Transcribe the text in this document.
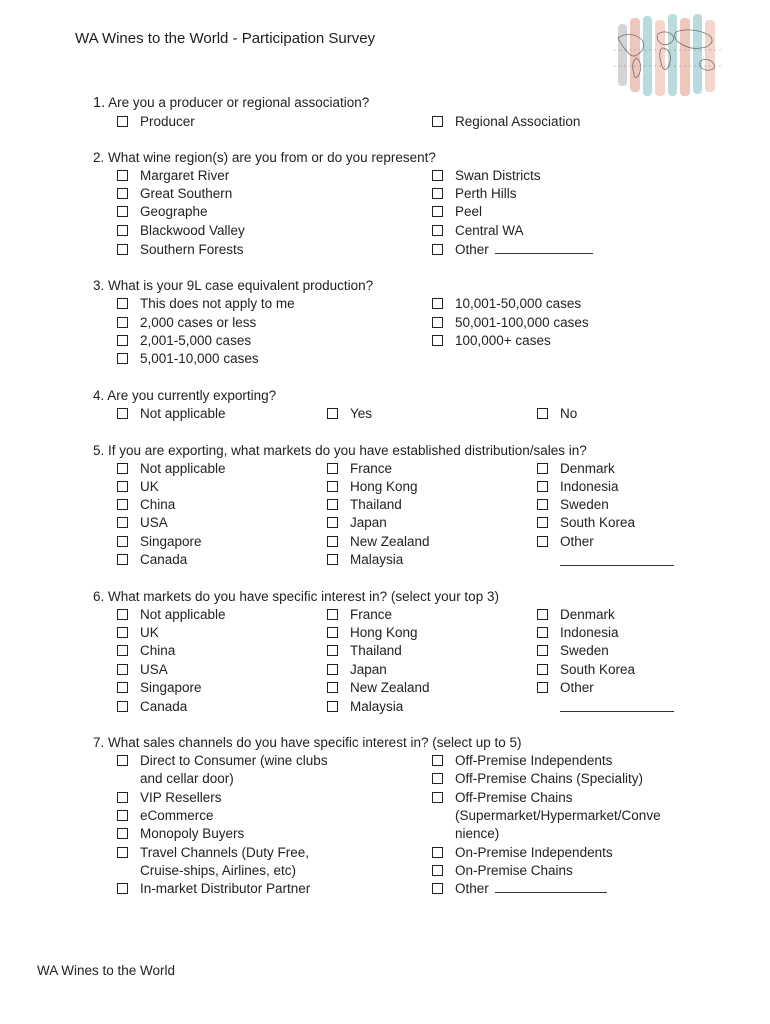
WA Wines to the World - Participation Survey
1. Are you a producer or regional association?
Producer	Regional Association
2. What wine region(s) are you from or do you represent?
Margaret River
Great Southern
Geographe
Blackwood Valley
Southern Forests
Swan Districts
Perth Hills
Peel
Central WA
Other
3. What is your 9L case equivalent production?
This does not apply to me
2,000 cases or less
2,001-5,000 cases
5,001-10,000 cases
10,001-50,000 cases
50,001-100,000 cases
100,000+ cases
4. Are you currently exporting?
Not applicable	Yes	No
5. If you are exporting, what markets do you have established distribution/sales in?
Not applicable
UK
China
USA
Singapore
Canada
France
Hong Kong
Thailand
Japan
New Zealand
Malaysia
Denmark
Indonesia
Sweden
South Korea
Other
6. What markets do you have specific interest in? (select your top 3)
Not applicable
UK
China
USA
Singapore
Canada
France
Hong Kong
Thailand
Japan
New Zealand
Malaysia
Denmark
Indonesia
Sweden
South Korea
Other
7. What sales channels do you have specific interest in? (select up to 5)
Direct to Consumer (wine clubs
and cellar door)
VIP Resellers
eCommerce
Monopoly Buyers
Travel Channels (Duty Free,
Cruise-ships, Airlines, etc)
In-market Distributor Partner
Off-Premise Independents
Off-Premise Chains (Speciality)
Off-Premise Chains
(Supermarket/Hypermarket/Conve
nience)
On-Premise Independents
On-Premise Chains
Other
WA Wines to the World
